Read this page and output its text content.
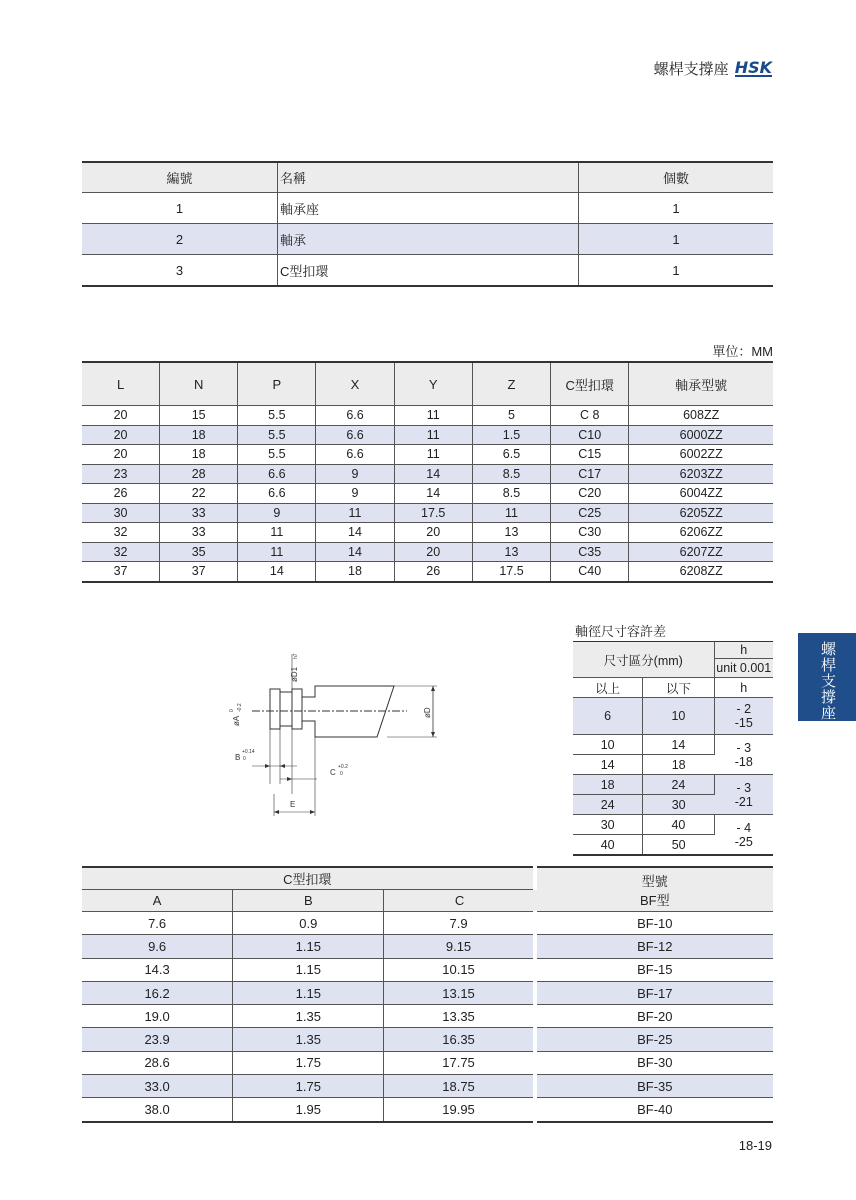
螺桿支撐座 HSK
螺桿支撐座
編號	名稱	個數
1	軸承座	1
2	軸承	1
3	C型扣環	1
單位：MM
L	N	P	X	Y	Z	C型扣環	軸承型號
20	15	5.5	6.6	11	5	C 8	608ZZ
20	18	5.5	6.6	11	1.5	C10	6000ZZ
20	18	5.5	6.6	11	6.5	C15	6002ZZ
23	28	6.6	9	14	8.5	C17	6203ZZ
26	22	6.6	9	14	8.5	C20	6004ZZ
30	33	9	11	17.5	11	C25	6205ZZ
32	33	11	14	20	13	C30	6206ZZ
32	35	11	14	20	13	C35	6207ZZ
37	37	14	18	26	17.5	C40	6208ZZ
øD1
h7
øA
0 -0.2	øD
B
+0.14
0
C
+0.2
0
E
軸徑尺寸容許差
尺寸區分(mm)		h
		unit 0.001
以上	以下	h
6	10	- 2
-15

10	14	- 3
-18

14	18	
18	24	- 3
-21

24	30	
30	40	- 4
-25

40	50	
C型扣環			型號
BF型

A	B	C	
7.6	0.9	7.9	BF-10
9.6	1.15	9.15	BF-12
14.3	1.15	10.15	BF-15
16.2	1.15	13.15	BF-17
19.0	1.35	13.35	BF-20
23.9	1.35	16.35	BF-25
28.6	1.75	17.75	BF-30
33.0	1.75	18.75	BF-35
38.0	1.95	19.95	BF-40
18-19
